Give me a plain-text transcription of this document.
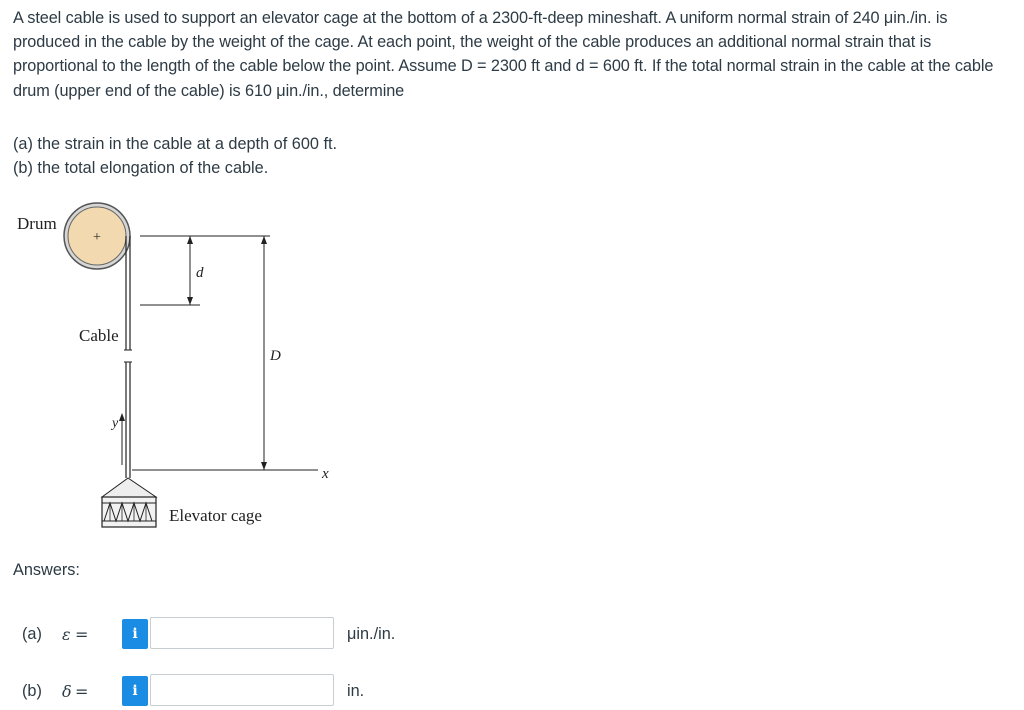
A steel cable is used to support an elevator cage at the bottom of a 2300-ft-deep mineshaft. A uniform normal strain of 240 μin./in. is produced in the cable by the weight of the cage. At each point, the weight of the cable produces an additional normal strain that is proportional to the length of the cable below the point. Assume D = 2300 ft and d = 600 ft. If the total normal strain in the cable at the cable drum (upper end of the cable) is 610 μin./in., determine

(a) the strain in the cable at a depth of 600 ft.
(b) the total elongation of the cable.
Drum
+
Cable
d
D
x
y
Elevator cage
Answers:
(a) ε =	i	μin./in.
(b) δ =	i	in.
